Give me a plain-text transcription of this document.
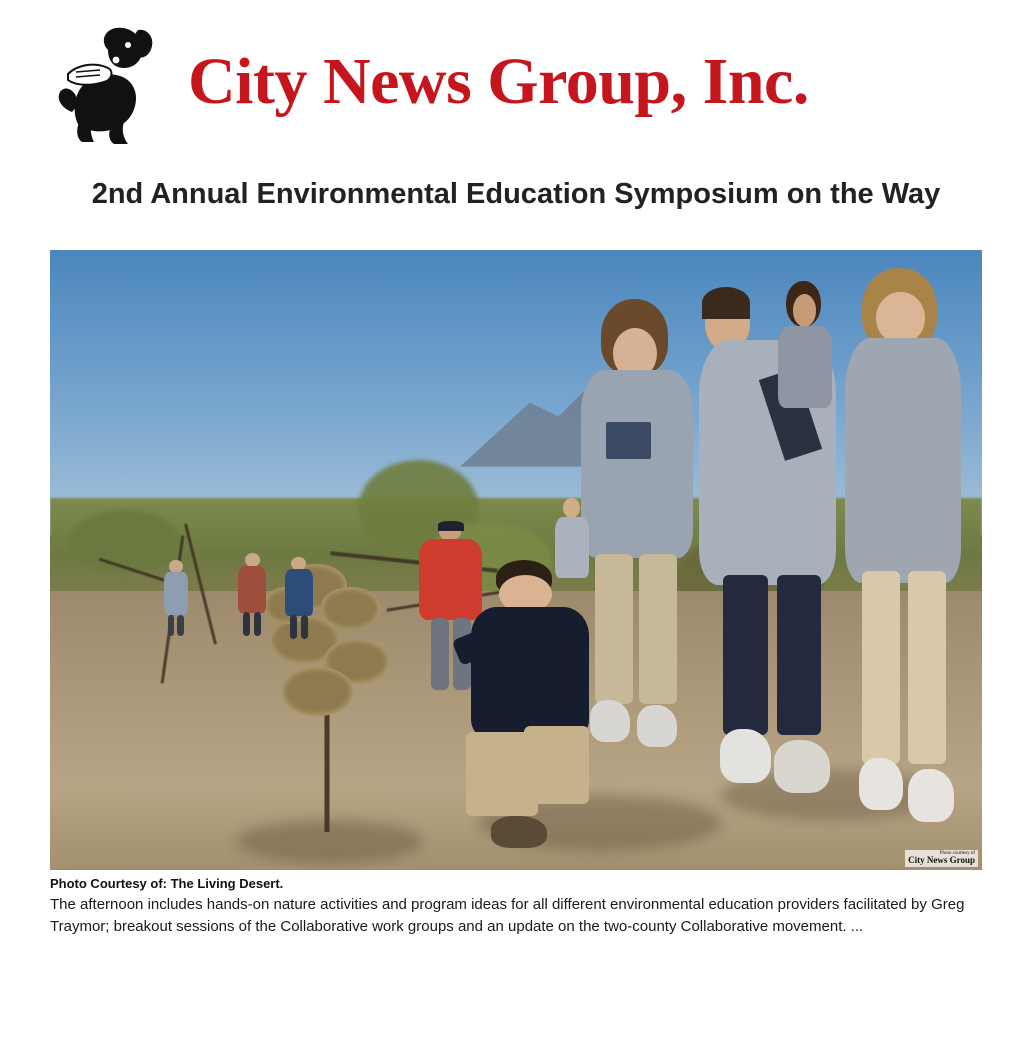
City News Group, Inc.
2nd Annual Environmental Education Symposium on the Way
Photo courtesy of
City News Group
Photo Courtesy of: The Living Desert.
The afternoon includes hands-on nature activities and program ideas for all different environmental education providers facilitated by Greg Traymor; breakout sessions of the Collaborative work groups and an update on the two-county Collaborative movement. ...
